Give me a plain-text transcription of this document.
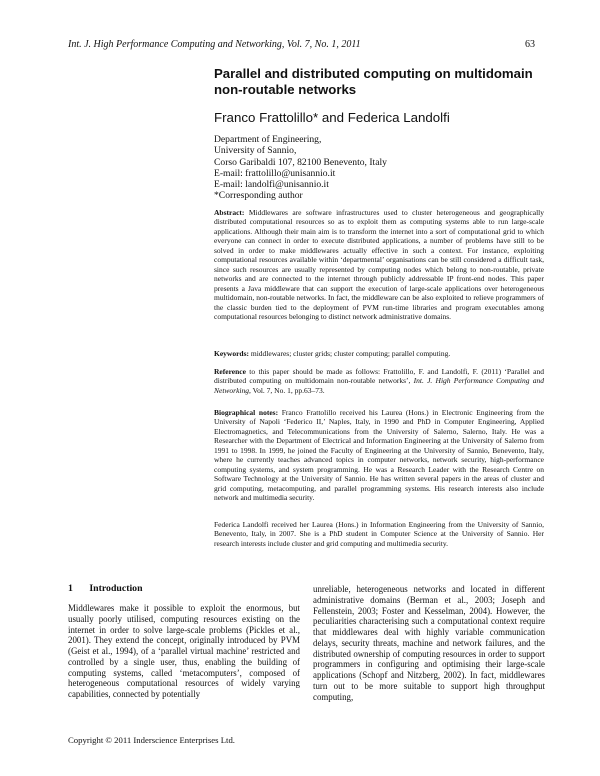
Int. J. High Performance Computing and Networking, Vol. 7, No. 1, 2011	63
Parallel and distributed computing on multidomain non-routable networks
Franco Frattolillo* and Federica Landolfi
Department of Engineering,
University of Sannio,
Corso Garibaldi 107, 82100 Benevento, Italy
E-mail: frattolillo@unisannio.it
E-mail: landolfi@unisannio.it
*Corresponding author
Abstract: Middlewares are software infrastructures used to cluster heterogeneous and geographically distributed computational resources so as to exploit them as computing systems able to run large-scale applications. Although their main aim is to transform the internet into a sort of computational grid to which everyone can connect in order to execute distributed applications, a number of problems have still to be solved in order to make middlewares actually effective in such a context. For instance, exploiting computational resources available within ‘departmental’ organisations can be still considered a difficult task, since such resources are usually represented by computing nodes which belong to non-routable, private networks and are connected to the internet through publicly addressable IP front-end nodes. This paper presents a Java middleware that can support the execution of large-scale applications over heterogeneous multidomain, non-routable networks. In fact, the middleware can be also exploited to relieve programmers of the classic burden tied to the deployment of PVM run-time libraries and program executables among computational resources belonging to distinct network administrative domains.
Keywords: middlewares; cluster grids; cluster computing; parallel computing.
Reference to this paper should be made as follows: Frattolillo, F. and Landolfi, F. (2011) ‘Parallel and distributed computing on multidomain non-routable networks’, Int. J. High Performance Computing and Networking, Vol. 7, No. 1, pp.63–73.
Biographical notes: Franco Frattolillo received his Laurea (Hons.) in Electronic Engineering from the University of Napoli ‘Federico II,’ Naples, Italy, in 1990 and PhD in Computer Engineering, Applied Electromagnetics, and Telecommunications from the University of Salerno, Salerno, Italy. He was a Researcher with the Department of Electrical and Information Engineering at the University of Salerno from 1991 to 1998. In 1999, he joined the Faculty of Engineering at the University of Sannio, Benevento, Italy, where he currently teaches advanced topics in computer networks, network security, high-performance computing systems, and system programming. He was a Research Leader with the Research Centre on Software Technology at the University of Sannio. He has written several papers in the areas of cluster and grid computing, metacomputing, and parallel programming systems. His research interests also include network and multimedia security.
Federica Landolfi received her Laurea (Hons.) in Information Engineering from the University of Sannio, Benevento, Italy, in 2007. She is a PhD student in Computer Science at the University of Sannio. Her research interests include cluster and grid computing and multimedia security.
1 Introduction

Middlewares make it possible to exploit the enormous, but usually poorly utilised, computing resources existing on the internet in order to solve large-scale problems (Pickles et al., 2001). They extend the concept, originally introduced by PVM (Geist et al., 1994), of a ‘parallel virtual machine’ restricted and controlled by a single user, thus, enabling the building of computing systems, called ‘metacomputers’, composed of heterogeneous computational resources of widely varying capabilities, connected by potentially

unreliable, heterogeneous networks and located in different administrative domains (Berman et al., 2003; Joseph and Fellenstein, 2003; Foster and Kesselman, 2004). However, the peculiarities characterising such a computational context require that middlewares deal with highly variable communication delays, security threats, machine and network failures, and the distributed ownership of computing resources in order to support programmers in configuring and optimising their large-scale applications (Schopf and Nitzberg, 2002). In fact, middlewares turn out to be more suitable to support high throughput computing,

Copyright © 2011 Inderscience Enterprises Ltd.
